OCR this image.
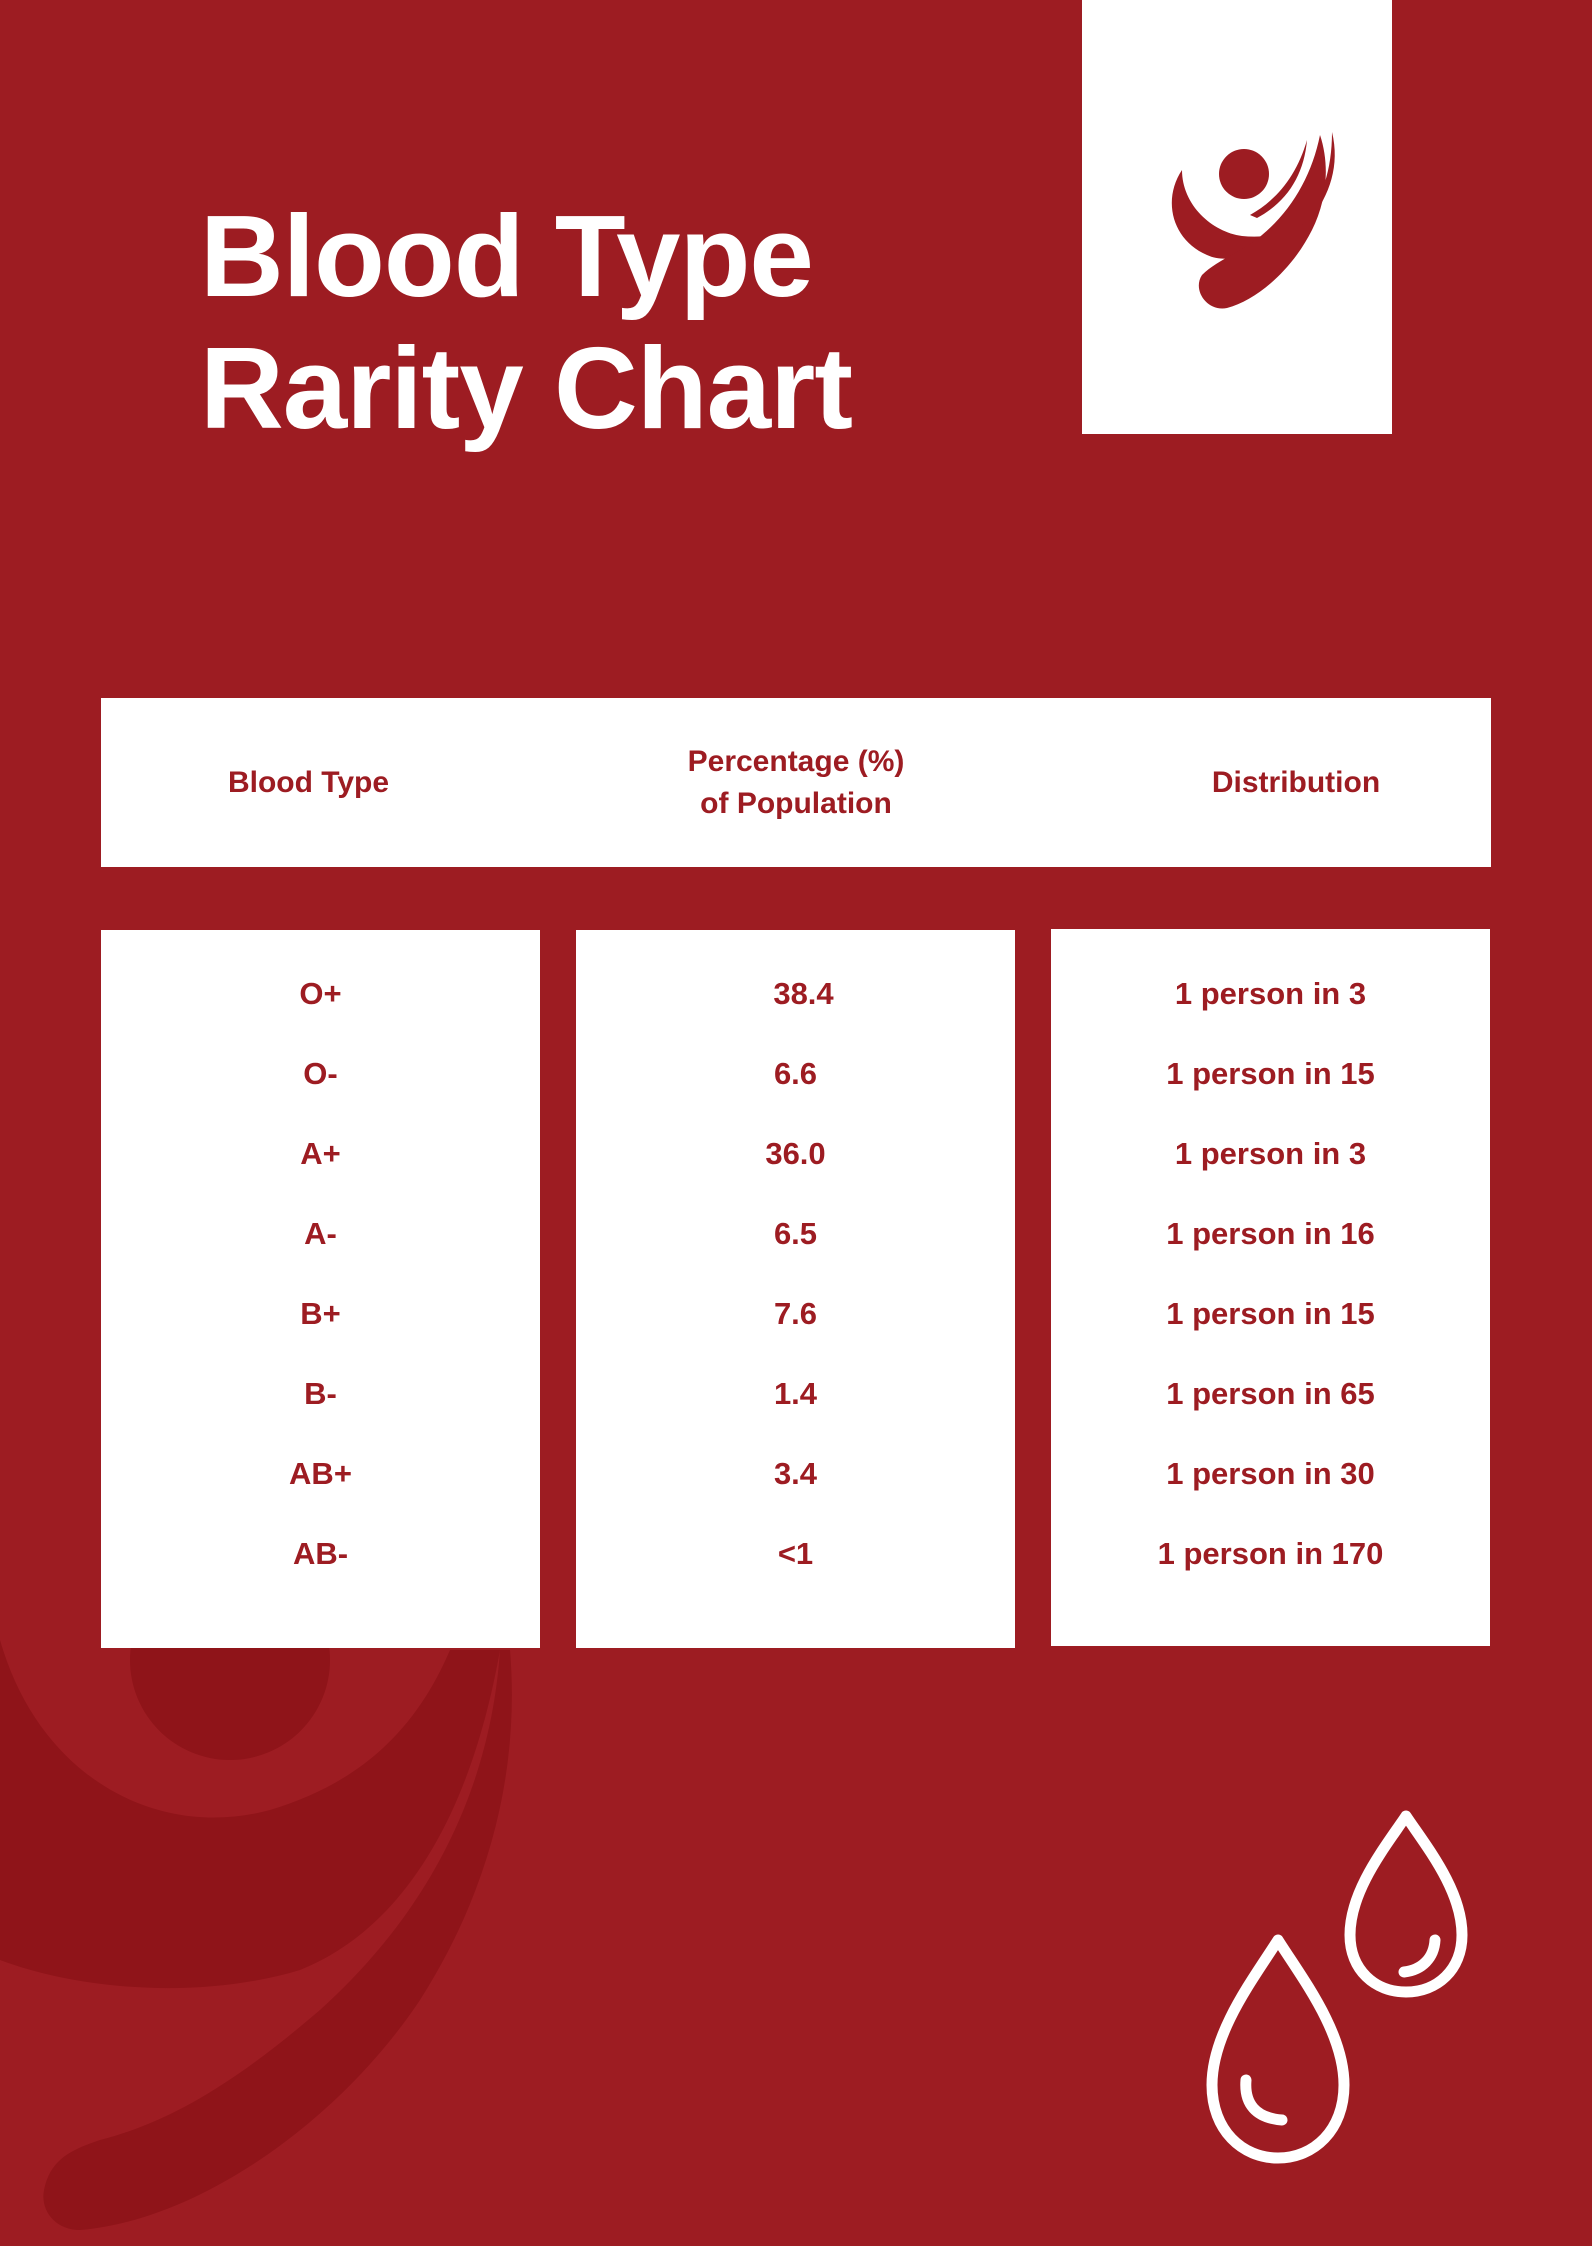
Blood Type
Rarity Chart
Blood Type
Percentage (%)
of Population
Distribution
O+
O-
A+
A-
B+
B-
AB+
AB-
38.4
6.6
36.0
6.5
7.6
1.4
3.4
<1
1 person in 3
1 person in 15
1 person in 3
1 person in 16
1 person in 15
1 person in 65
1 person in 30
1 person in 170
